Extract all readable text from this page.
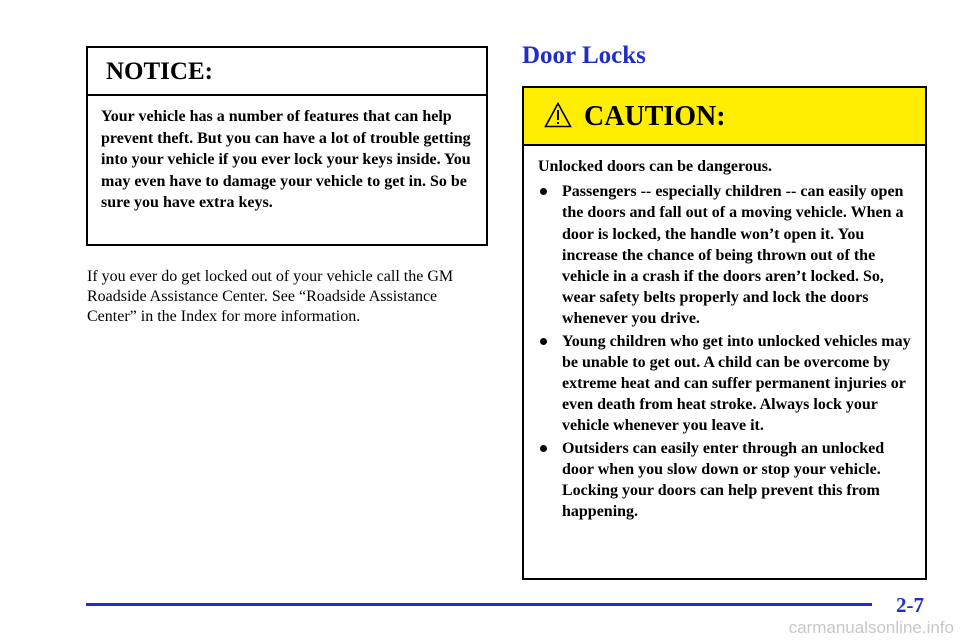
NOTICE:
Your vehicle has a number of features that can help prevent theft. But you can have a lot of trouble getting into your vehicle if you ever lock your keys inside. You may even have to damage your vehicle to get in. So be sure you have extra keys.

If you ever do get locked out of your vehicle call the GM Roadside Assistance Center. See “Roadside Assistance Center” in the Index for more information.

Door Locks
CAUTION:

Unlocked doors can be dangerous.

Passengers -- especially children -- can easily open the doors and fall out of a moving vehicle. When a door is locked, the handle won’t open it. You increase the chance of being thrown out of the vehicle in a crash if the doors aren’t locked. So, wear safety belts properly and lock the doors whenever you drive.
Young children who get into unlocked vehicles may be unable to get out. A child can be overcome by extreme heat and can suffer permanent injuries or even death from heat stroke. Always lock your vehicle whenever you leave it.
Outsiders can easily enter through an unlocked door when you slow down or stop your vehicle. Locking your doors can help prevent this from happening.
2-7
carmanualsonline.info
